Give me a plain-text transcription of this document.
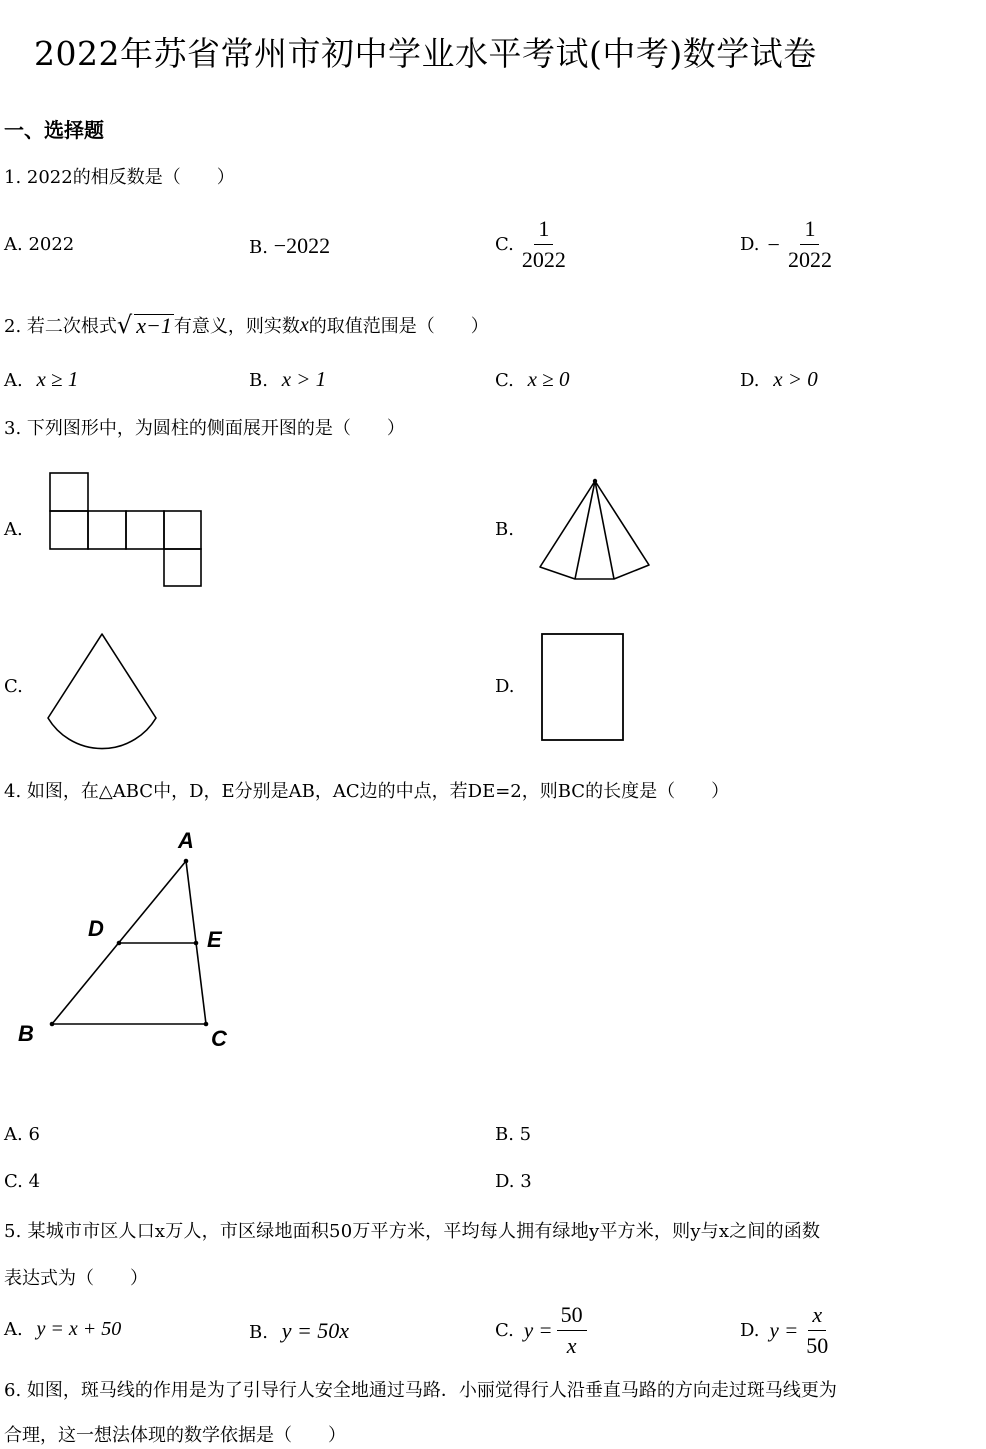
2022年苏省常州市初中学业水平考试(中考)数学试卷
一、选择题
1. 2022的相反数是（　　）
A. 2022	B. −2022	C. $\frac{1}{2022}$	D. − $\frac{1}{2022}$
2. 若二次根式 √ x−1 有意义，则实数 x 的取值范围是（　　）
A. x ≥ 1	B. x > 1	C. x ≥ 0	D. x > 0
3. 下列图形中，为圆柱的侧面展开图的是（　　）
A.	B.
C.	D.
4. 如图，在△ABC中，D，E分别是AB，AC边的中点，若DE=2，则BC的长度是（　　）
A
B	C
D	E
A. 6	B. 5
C. 4	D. 3
5. 某城市市区人口x万人，市区绿地面积50万平方米，平均每人拥有绿地y平方米，则y与x之间的函数
表达式为（　　）
A. y = x + 50	B. y = 50x	C. $y = \frac{50}{x}$	D. $y = \frac{x}{50}$
6. 如图，斑马线的作用是为了引导行人安全地通过马路．小丽觉得行人沿垂直马路的方向走过斑马线更为
合理，这一想法体现的数学依据是（　　）
